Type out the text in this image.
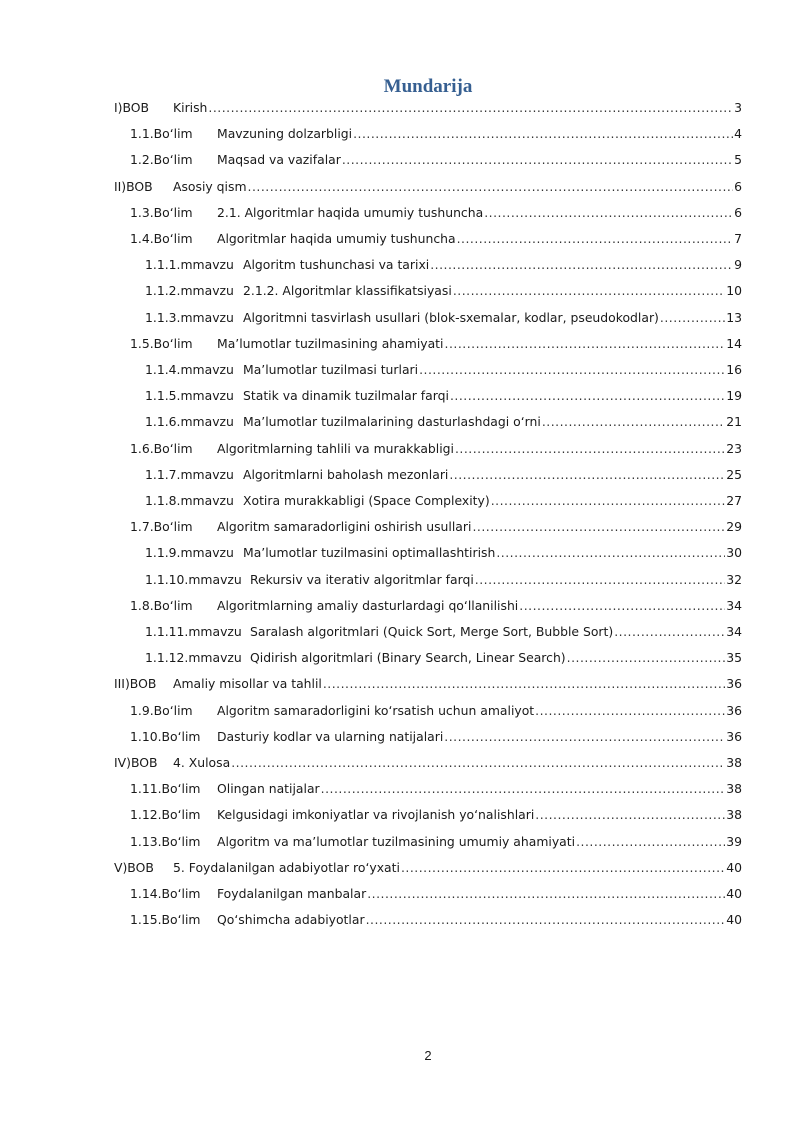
Mundarija
I)BOB	Kirish .....	3
1.1.Bo‘lim	Mavzuning dolzarbligi .....	4
1.2.Bo‘lim	Maqsad va vazifalar .....	5
II)BOB	Asosiy qism .....	6
1.3.Bo‘lim	2.1. Algoritmlar haqida umumiy tushuncha .....	6
1.4.Bo‘lim	Algoritmlar haqida umumiy tushuncha .....	7
1.1.1.mmavzu Algoritm tushunchasi va tarixi .....	9
1.1.2.mmavzu 2.1.2. Algoritmlar klassifikatsiyasi .....	10
1.1.3.mmavzu Algoritmni tasvirlash usullari (blok-sxemalar, kodlar, pseudokodlar) .....	13
1.5.Bo‘lim	Ma’lumotlar tuzilmasining ahamiyati .....	14
1.1.4.mmavzu Ma’lumotlar tuzilmasi turlari .....	16
1.1.5.mmavzu Statik va dinamik tuzilmalar farqi .....	19
1.1.6.mmavzu Ma’lumotlar tuzilmalarining dasturlashdagi o‘rni .....	21
1.6.Bo‘lim	Algoritmlarning tahlili va murakkabligi .....	23
1.1.7.mmavzu Algoritmlarni baholash mezonlari .....	25
1.1.8.mmavzu Xotira murakkabligi (Space Complexity) .....	27
1.7.Bo‘lim	Algoritm samaradorligini oshirish usullari .....	29
1.1.9.mmavzu Ma’lumotlar tuzilmasini optimallashtirish .....	30
1.1.10.mmavzu Rekursiv va iterativ algoritmlar farqi .....	32
1.8.Bo‘lim	Algoritmlarning amaliy dasturlardagi qo‘llanilishi .....	34
1.1.11.mmavzu Saralash algoritmlari (Quick Sort, Merge Sort, Bubble Sort) .....	34
1.1.12.mmavzu Qidirish algoritmlari (Binary Search, Linear Search) .....	35
III)BOB	Amaliy misollar va tahlil .....	36
1.9.Bo‘lim	Algoritm samaradorligini ko‘rsatish uchun amaliyot .....	36
1.10.Bo‘lim	Dasturiy kodlar va ularning natijalari .....	36
IV)BOB	4. Xulosa .....	38
1.11.Bo‘lim	Olingan natijalar .....	38
1.12.Bo‘lim	Kelgusidagi imkoniyatlar va rivojlanish yo‘nalishlari .....	38
1.13.Bo‘lim	Algoritm va ma’lumotlar tuzilmasining umumiy ahamiyati .....	39
V)BOB	5. Foydalanilgan adabiyotlar ro‘yxati .....	40
1.14.Bo‘lim	Foydalanilgan manbalar .....	40
1.15.Bo‘lim	Qo‘shimcha adabiyotlar .....	40
2
